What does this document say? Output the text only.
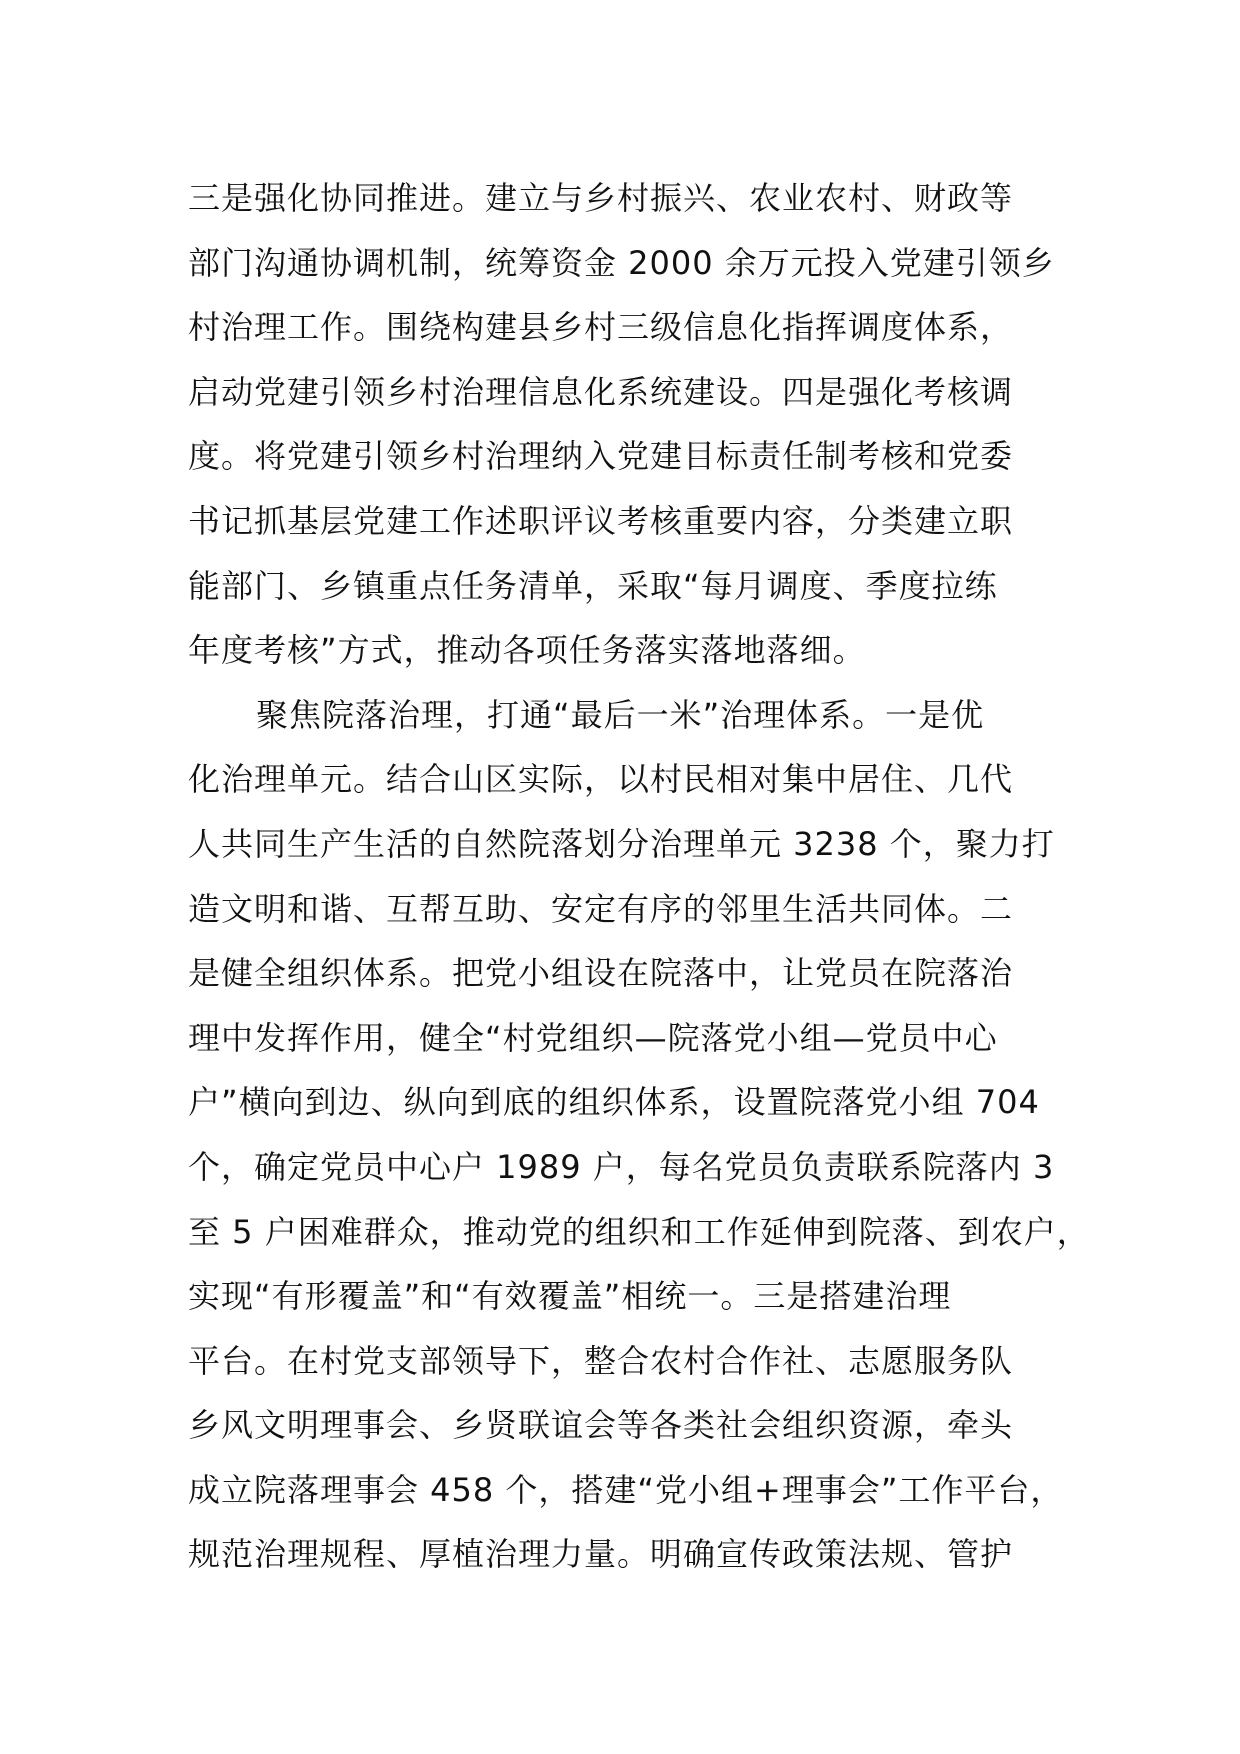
三是强化协同推进。建立与乡村振兴、农业农村、财政等
部门沟通协调机制，统筹资金 2000 余万元投入党建引领乡
村治理工作。围绕构建县乡村三级信息化指挥调度体系，
启动党建引领乡村治理信息化系统建设。四是强化考核调
度。将党建引领乡村治理纳入党建目标责任制考核和党委
书记抓基层党建工作述职评议考核重要内容，分类建立职
能部门、乡镇重点任务清单，采取“每月调度、季度拉练
年度考核”方式，推动各项任务落实落地落细。
聚焦院落治理，打通“最后一米”治理体系。一是优
化治理单元。结合山区实际，以村民相对集中居住、几代
人共同生产生活的自然院落划分治理单元 3238 个，聚力打
造文明和谐、互帮互助、安定有序的邻里生活共同体。二
是健全组织体系。把党小组设在院落中，让党员在院落治
理中发挥作用，健全“村党组织—院落党小组—党员中心
户”横向到边、纵向到底的组织体系，设置院落党小组 704
个，确定党员中心户 1989 户，每名党员负责联系院落内 3
至 5 户困难群众，推动党的组织和工作延伸到院落、到农户，
实现“有形覆盖”和“有效覆盖”相统一。三是搭建治理
平台。在村党支部领导下，整合农村合作社、志愿服务队
乡风文明理事会、乡贤联谊会等各类社会组织资源，牵头
成立院落理事会 458 个，搭建“党小组+理事会”工作平台，
规范治理规程、厚植治理力量。明确宣传政策法规、管护
